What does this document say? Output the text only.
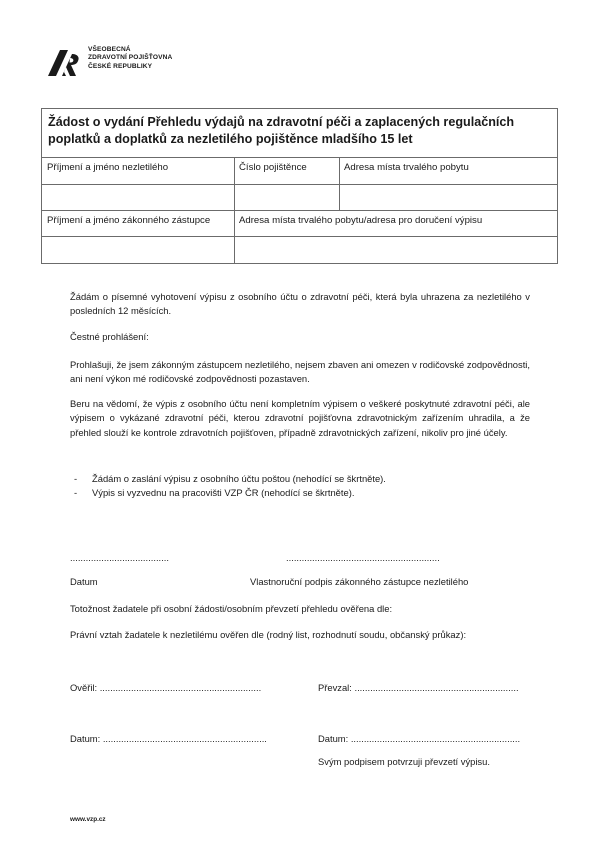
VŠEOBECNÁ
ZDRAVOTNÍ POJIŠŤOVNA
ČESKÉ REPUBLIKY
Žádost o vydání Přehledu výdajů na zdravotní péči a zaplacených regulačních poplatků a doplatků za nezletilého pojištěnce mladšího 15 let
Příjmení a jméno nezletilého	Číslo pojištěnce	Adresa místa trvalého pobytu
Příjmení a jméno zákonného zástupce	Adresa místa trvalého pobytu/adresa pro doručení výpisu
Žádám o písemné vyhotovení výpisu z osobního účtu o zdravotní péči, která byla uhrazena za nezletilého v posledních 12 měsících.
Čestné prohlášení:
Prohlašuji, že jsem zákonným zástupcem nezletilého, nejsem zbaven ani omezen v rodičovské zodpovědnosti, ani není výkon mé rodičovské zodpovědnosti pozastaven.
Beru na vědomí, že výpis z osobního účtu není kompletním výpisem o veškeré poskytnuté zdravotní péči, ale výpisem o vykázané zdravotní péči, kterou zdravotní pojišťovna zdravotnickým zařízením uhradila, a že přehled slouží ke kontrole zdravotních pojišťoven, případně zdravotnických zařízení, nikoliv pro jiné účely.
- Žádám o zaslání výpisu z osobního účtu poštou (nehodící se škrtněte).
- Výpis si vyzvednu na pracovišti VZP ČR (nehodící se škrtněte).
......................................	...........................................................
Datum	Vlastnoruční podpis zákonného zástupce nezletilého
Totožnost žadatele při osobní žádosti/osobním převzetí přehledu ověřena dle:
Právní vztah žadatele k nezletilému ověřen dle (rodný list, rozhodnutí soudu, občanský průkaz):
Ověřil: ..............................................................	Převzal: ...............................................................
Datum: ...............................................................	Datum: .................................................................
Svým podpisem potvrzuji převzetí výpisu.
www.vzp.cz
